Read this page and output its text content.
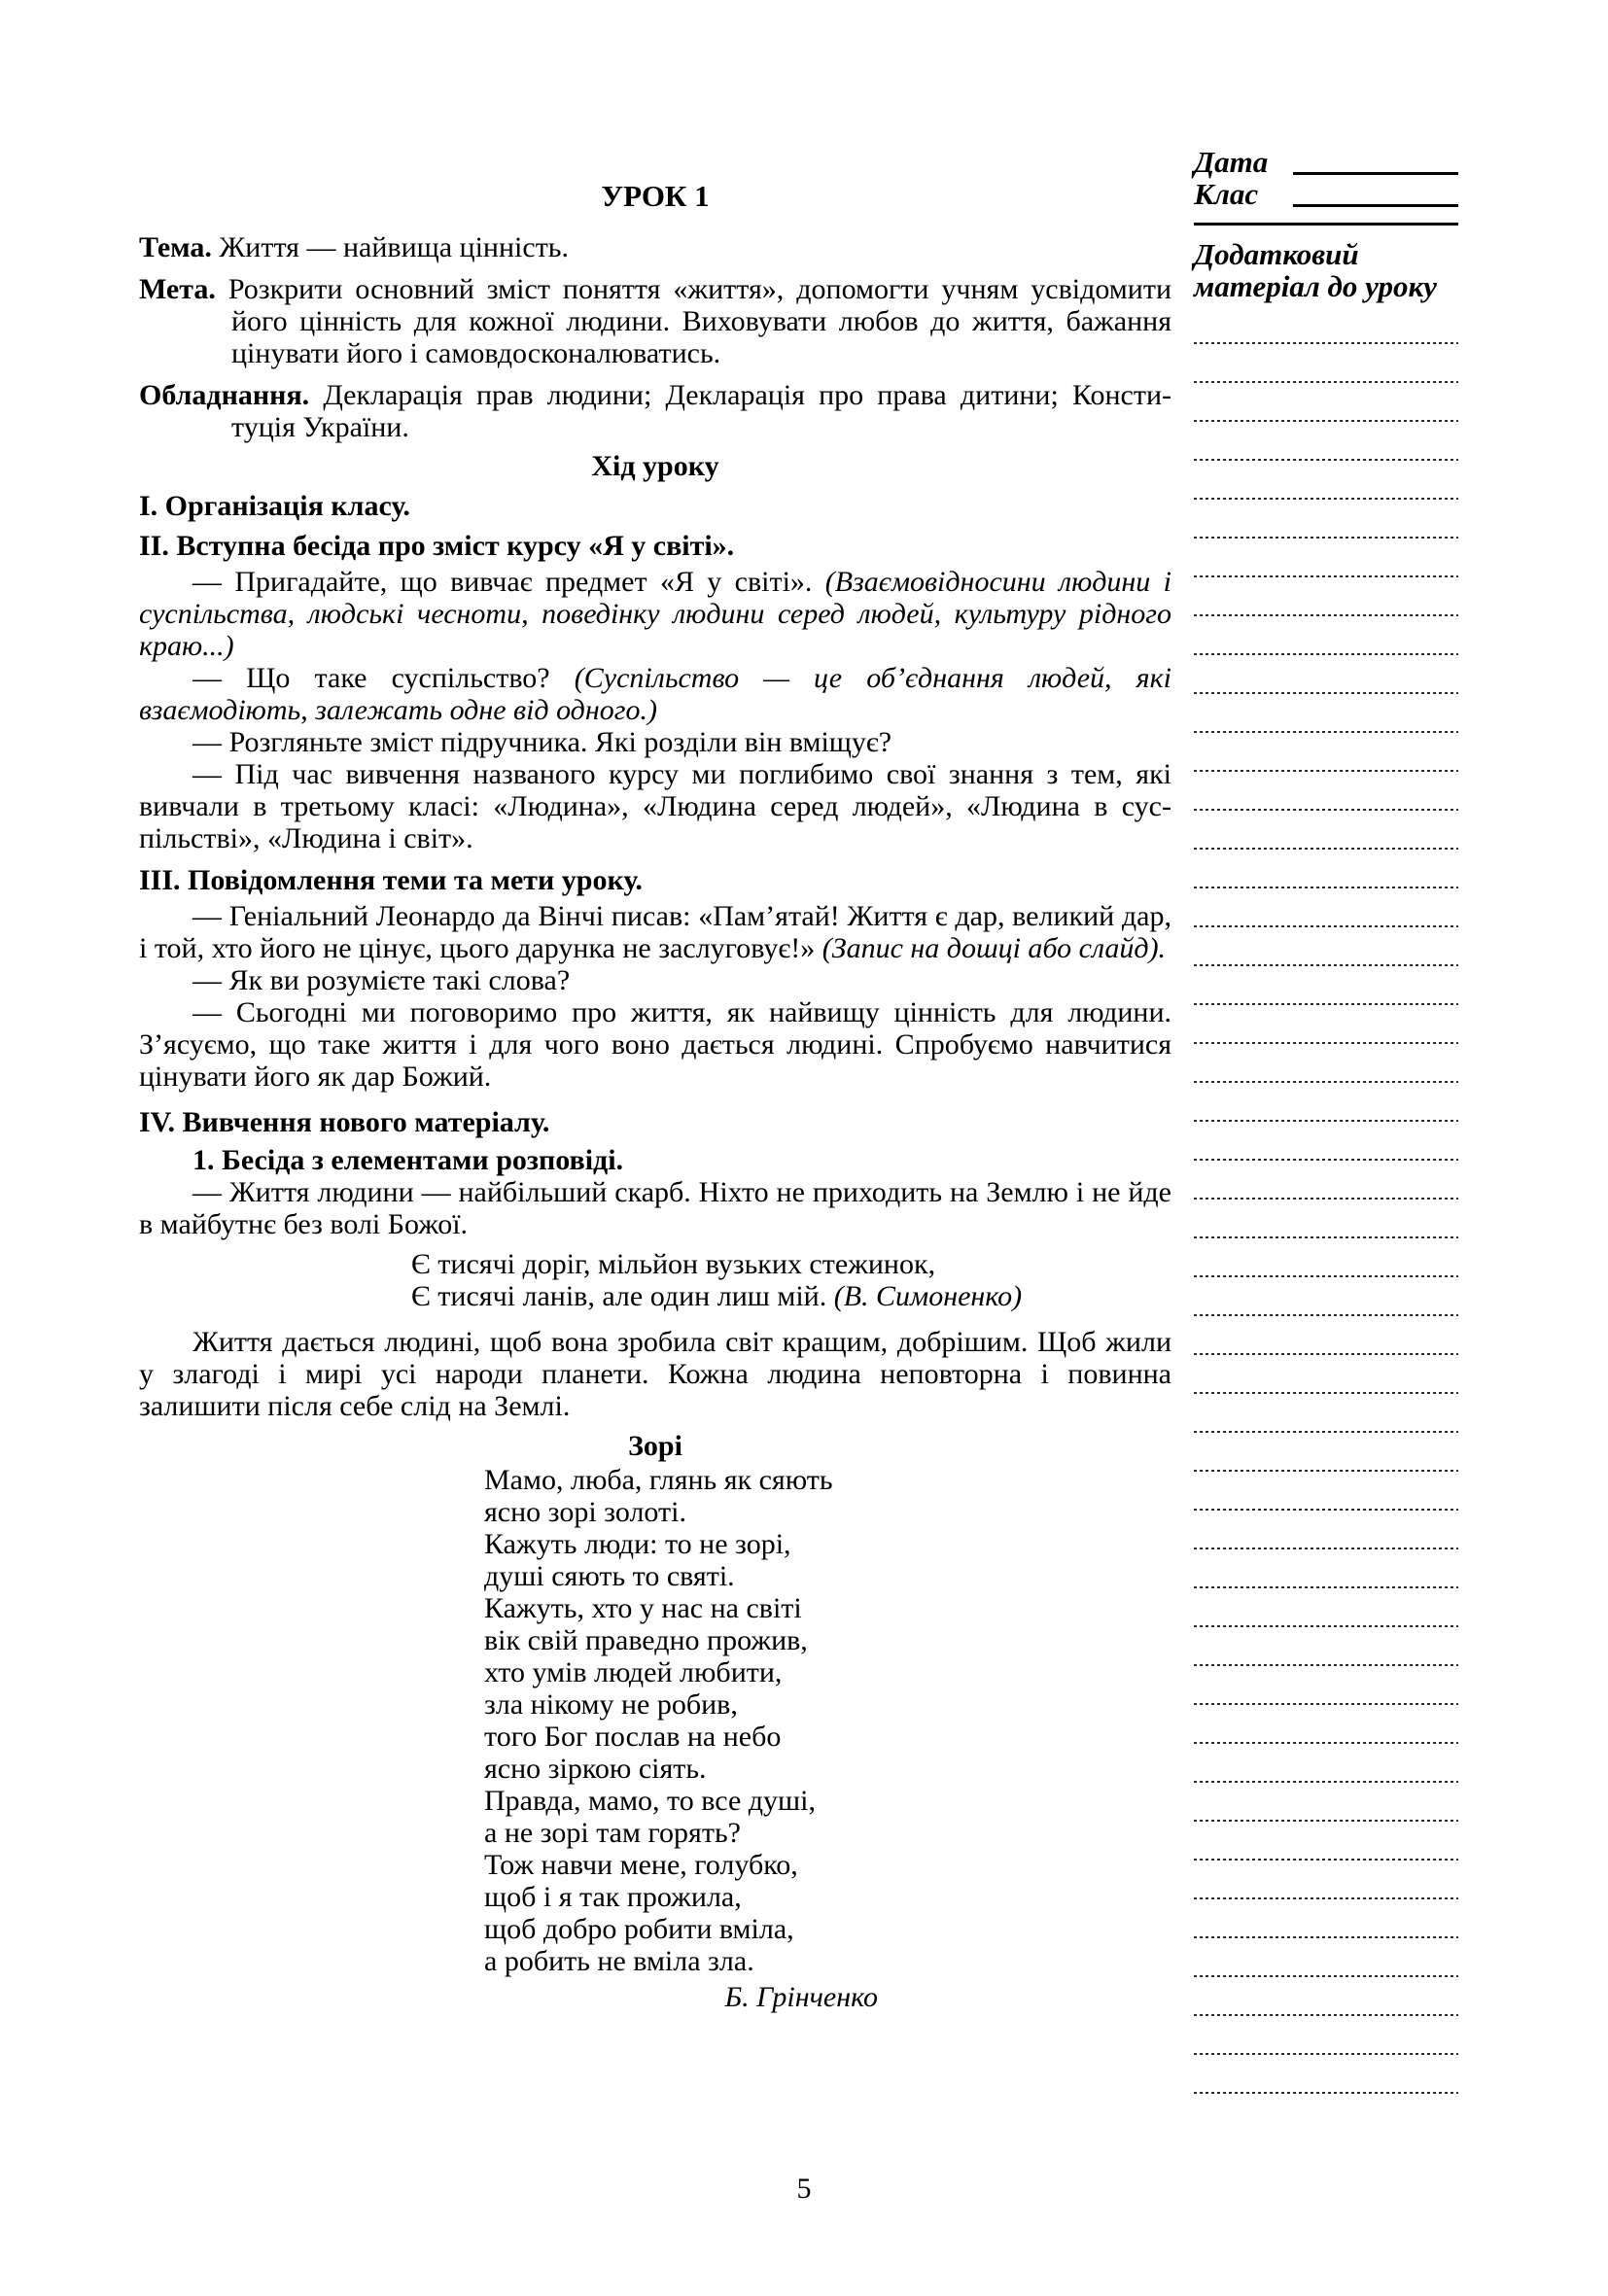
УРОК 1

Тема. Життя — найвища цінність.

Мета. Розкрити основний зміст поняття «життя», допомогти учням усвідомити його цінність для кожної людини. Виховувати любов до життя, бажання цінувати його і самовдосконалюватись.

Обладнання. Декларація прав людини; Декларація про права дитини; Конституція України.

Хід уроку
І. Організація класу.
ІІ. Вступна бесіда про зміст курсу «Я у світі».

— Пригадайте, що вивчає предмет «Я у світі». (Взаємовідносини людини і суспільства, людські чесноти, поведінку людини серед людей, культуру рідного краю...)

— Що таке суспільство? (Суспільство — це об’єднання людей, які взаємодіють, залежать одне від одного.)

— Розгляньте зміст підручника. Які розділи він вміщує?

— Під час вивчення названого курсу ми поглибимо свої знання з тем, які вивчали в третьому класі: «Людина», «Людина серед людей», «Людина в суспільстві», «Людина і світ».

ІІІ. Повідомлення теми та мети уроку.

— Геніальний Леонардо да Вінчі писав: «Пам’ятай! Життя є дар, великий дар, і той, хто його не цінує, цього дарунка не заслуговує!» (Запис на дошці або слайд).

— Як ви розумієте такі слова?

— Сьогодні ми поговоримо про життя, як найвищу цінність для людини. З’ясуємо, що таке життя і для чого воно дається людині. Спробуємо навчитися цінувати його як дар Божий.

IV. Вивчення нового матеріалу.
1. Бесіда з елементами розповіді.

— Життя людини — найбільший скарб. Ніхто не приходить на Землю і не йде в майбутнє без волі Божої.

Є тисячі доріг, мільйон вузьких стежинок,
Є тисячі ланів, але один лиш мій. (В. Симоненко)

Життя дається людині, щоб вона зробила світ кращим, добрішим. Щоб жили у злагоді і мирі усі народи планети. Кожна людина неповторна і повинна залишити після себе слід на Землі.

Зорі
Мамо, люба, глянь як сяють
ясно зорі золоті.
Кажуть люди: то не зорі,
душі сяють то святі.
Кажуть, хто у нас на світі
вік свій праведно прожив,
хто умів людей любити,
зла нікому не робив,
того Бог послав на небо
ясно зіркою сіять.
Правда, мамо, то все душі,
а не зорі там горять?
Тож навчи мене, голубко,
щоб і я так прожила,
щоб добро робити вміла,
а робить не вміла зла.
Б. Грінченко
Дата
Клас
Додатковий
матеріал до уроку
5
